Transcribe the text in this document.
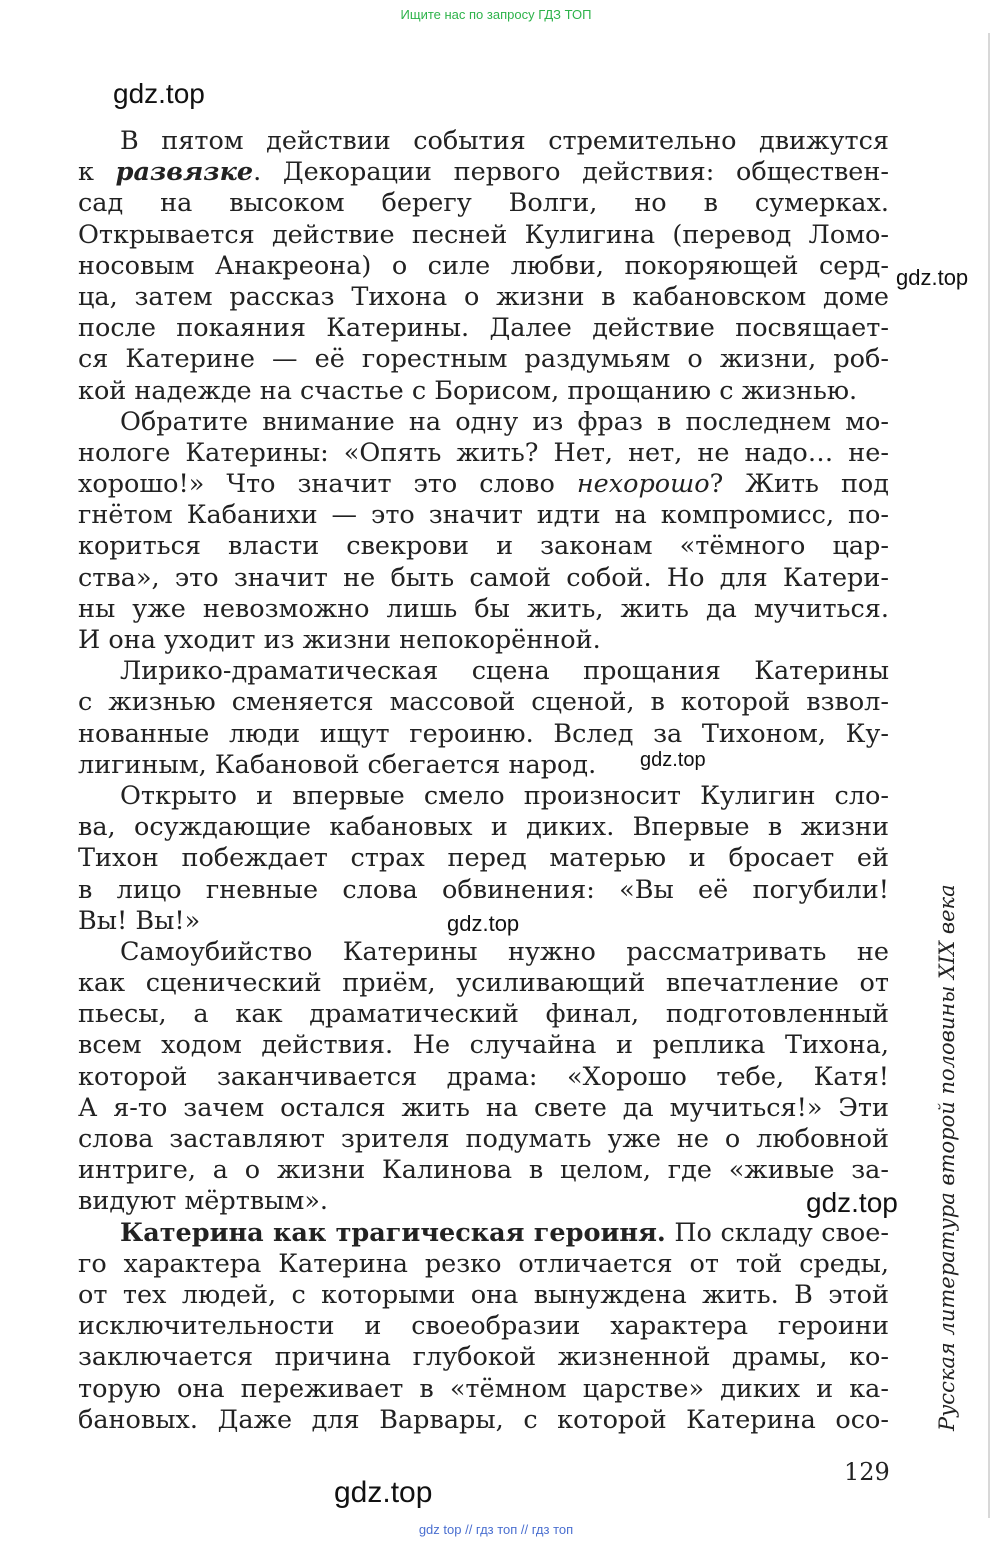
Ищите нас по запросу ГДЗ ТОП
gdz.top
gdz.top
gdz.top
gdz.top
gdz.top
gdz.top
В пятом действии события стремительно движутся
к развязке. Декорации первого действия: обществен-
сад на высоком берегу Волги, но в сумерках.
Открывается действие песней Кулигина (перевод Ломо-
носовым Анакреона) о силе любви, покоряющей серд-
ца, затем рассказ Тихона о жизни в кабановском доме
после покаяния Катерины. Далее действие посвящает-
ся Катерине — её горестным раздумьям о жизни, роб-
кой надежде на счастье с Борисом, прощанию с жизнью.
Обратите внимание на одну из фраз в последнем мо-
нологе Катерины: «Опять жить? Нет, нет, не надо… не-
хорошо!» Что значит это слово нехорошо? Жить под
гнётом Кабанихи — это значит идти на компромисс, по-
кориться власти свекрови и законам «тёмного цар-
ства», это значит не быть самой собой. Но для Катери-
ны уже невозможно лишь бы жить, жить да мучиться.
И она уходит из жизни непокорённой.
Лирико-драматическая сцена прощания Катерины
с жизнью сменяется массовой сценой, в которой взвол-
нованные люди ищут героиню. Вслед за Тихоном, Ку-
лигиным, Кабановой сбегается народ.
Открыто и впервые смело произносит Кулигин сло-
ва, осуждающие кабановых и диких. Впервые в жизни
Тихон побеждает страх перед матерью и бросает ей
в лицо гневные слова обвинения: «Вы её погубили!
Вы! Вы!»
Самоубийство Катерины нужно рассматривать не
как сценический приём, усиливающий впечатление от
пьесы, а как драматический финал, подготовленный
всем ходом действия. Не случайна и реплика Тихона,
которой заканчивается драма: «Хорошо тебе, Катя!
А я-то зачем остался жить на свете да мучиться!» Эти
слова заставляют зрителя подумать уже не о любовной
интриге, а о жизни Калинова в целом, где «живые за-
видуют мёртвым».
Катерина как трагическая героиня. По складу свое-
го характера Катерина резко отличается от той среды,
от тех людей, с которыми она вынуждена жить. В этой
исключительности и своеобразии характера героини
заключается причина глубокой жизненной драмы, ко-
торую она переживает в «тёмном царстве» диких и ка-
бановых. Даже для Варвары, с которой Катерина осо- Русская литература второй половины XIX века
129
gdz top // гдз топ // гдз топ
